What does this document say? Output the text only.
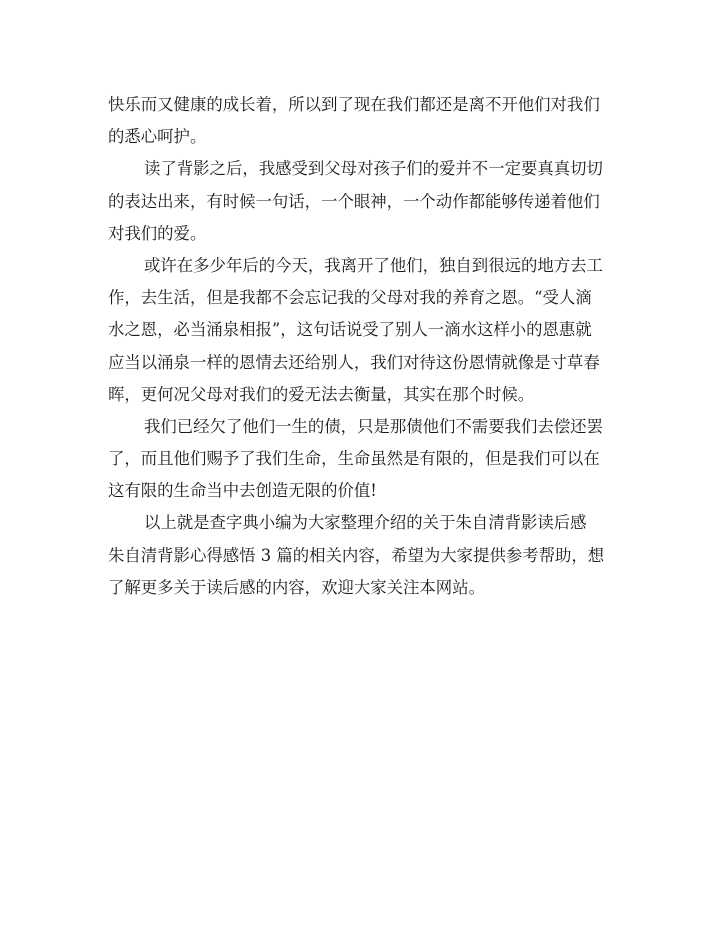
快乐而又健康的成长着，所以到了现在我们都还是离不开他们对我们
的悉心呵护。

读了背影之后，我感受到父母对孩子们的爱并不一定要真真切切
的表达出来，有时候一句话，一个眼神，一个动作都能够传递着他们
对我们的爱。

或许在多少年后的今天，我离开了他们，独自到很远的地方去工
作，去生活，但是我都不会忘记我的父母对我的养育之恩。“受人滴
水之恩，必当涌泉相报”，这句话说受了别人一滴水这样小的恩惠就
应当以涌泉一样的恩情去还给别人，我们对待这份恩情就像是寸草春
晖，更何况父母对我们的爱无法去衡量，其实在那个时候。

我们已经欠了他们一生的债，只是那债他们不需要我们去偿还罢
了，而且他们赐予了我们生命，生命虽然是有限的，但是我们可以在
这有限的生命当中去创造无限的价值!

以上就是查字典小编为大家整理介绍的关于朱自清背影读后感
朱自清背影心得感悟 3 篇的相关内容，希望为大家提供参考帮助，想
了解更多关于读后感的内容，欢迎大家关注本网站。
